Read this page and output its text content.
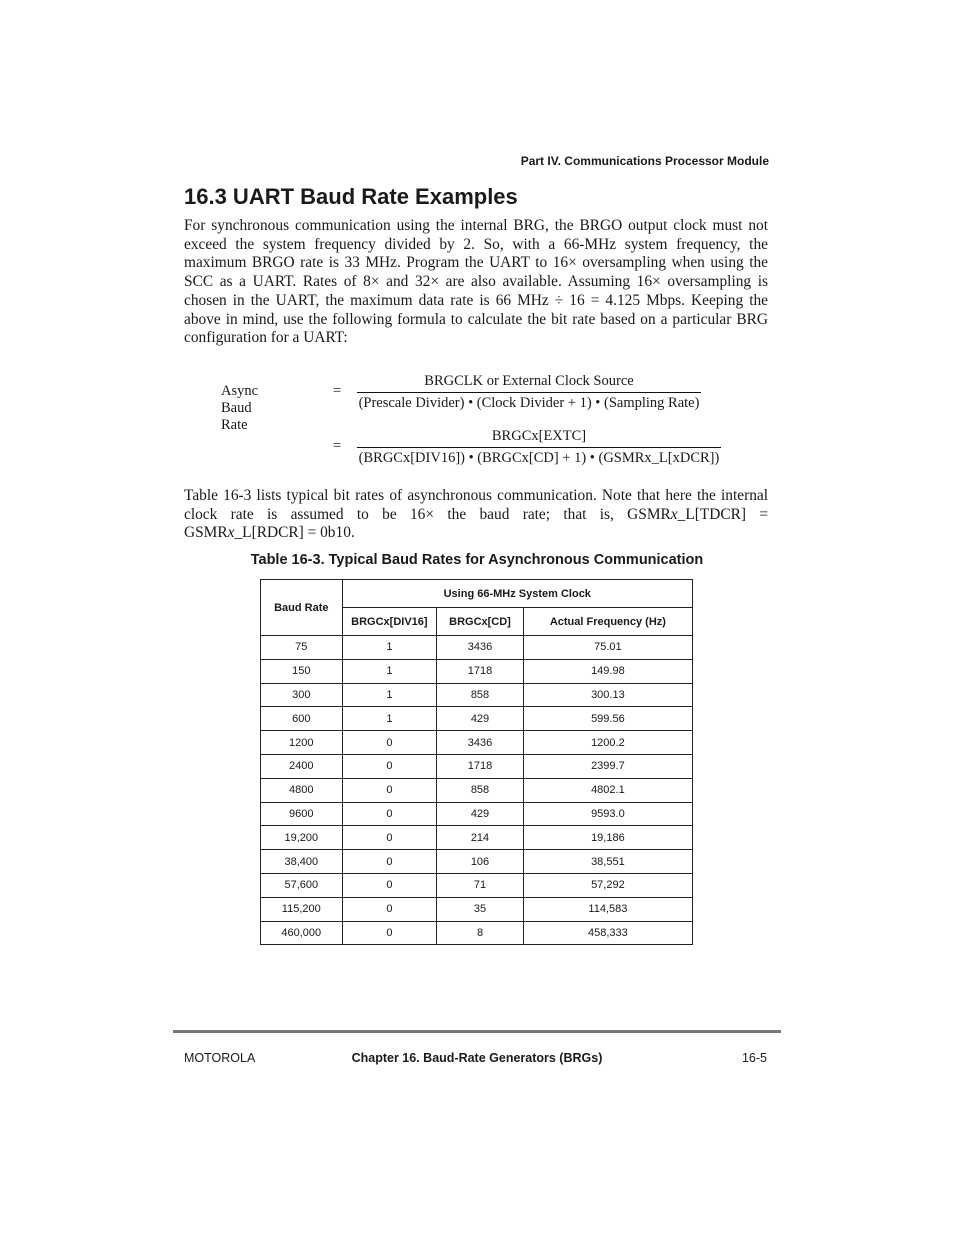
Part IV. Communications Processor Module
16.3 UART Baud Rate Examples

For synchronous communication using the internal BRG, the BRGO output clock must not exceed the system frequency divided by 2. So, with a 66-MHz system frequency, the maximum BRGO rate is 33 MHz. Program the UART to 16× oversampling when using the SCC as a UART. Rates of 8× and 32× are also available. Assuming 16× oversampling is chosen in the UART, the maximum data rate is 66 MHz ÷ 16 = 4.125 Mbps. Keeping the above in mind, use the following formula to calculate the bit rate based on a particular BRG configuration for a UART:

Async Baud Rate
=
BRGCLK or External Clock Source
(Prescale Divider) • (Clock Divider + 1) • (Sampling Rate)
=
BRGCx[EXTC]
(BRGCx[DIV16]) • (BRGCx[CD] + 1) • (GSMRx_L[xDCR])

Table 16-3 lists typical bit rates of asynchronous communication. Note that here the internal clock rate is assumed to be 16× the baud rate; that is, GSMRx_L[TDCR] = GSMRx_L[RDCR] = 0b10.

Table 16-3. Typical Baud Rates for Asynchronous Communication
Baud Rate	Using 66-MHz System Clock		
	BRGCx[DIV16]	BRGCx[CD]	Actual Frequency (Hz)
75	1	3436	75.01
150	1	1718	149.98
300	1	858	300.13
600	1	429	599.56
1200	0	3436	1200.2
2400	0	1718	2399.7
4800	0	858	4802.1
9600	0	429	9593.0
19,200	0	214	19,186
38,400	0	106	38,551
57,600	0	71	57,292
115,200	0	35	114,583
460,000	0	8	458,333
MOTOROLA	Chapter 16. Baud-Rate Generators (BRGs)	16-5
